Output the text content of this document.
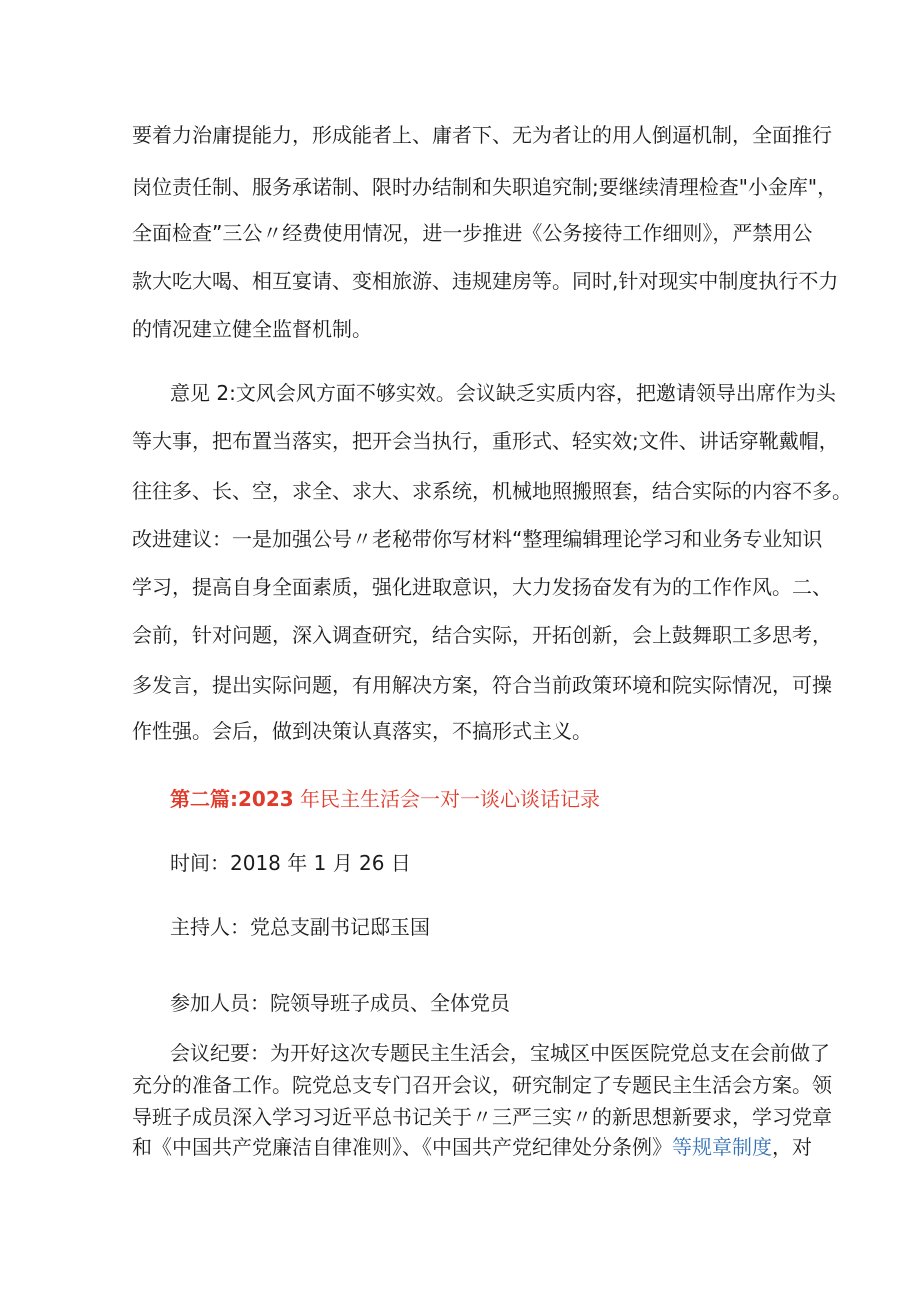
要着力治庸提能力，形成能者上、庸者下、无为者让的用人倒逼机制，全面推行
岗位责任制、服务承诺制、限时办结制和失职追究制;要继续清理检查"小金库"，
全面检查”三公〃经费使用情况，进一步推进《公务接待工作细则》，严禁用公
款大吃大喝、相互宴请、变相旅游、违规建房等。同时,针对现实中制度执行不力
的情况建立健全监督机制。
意见 2:文风会风方面不够实效。会议缺乏实质内容，把邀请领导出席作为头
等大事，把布置当落实，把开会当执行，重形式、轻实效;文件、讲话穿靴戴帽，
往往多、长、空，求全、求大、求系统，机械地照搬照套，结合实际的内容不多。
改进建议：一是加强公号〃老秘带你写材料“整理编辑理论学习和业务专业知识
学习，提高自身全面素质，强化进取意识，大力发扬奋发有为的工作作风。二、
会前，针对问题，深入调查研究，结合实际，开拓创新，会上鼓舞职工多思考，
多发言，提出实际问题，有用解决方案，符合当前政策环境和院实际情况，可操
作性强。会后，做到决策认真落实，不搞形式主义。
第二篇:2023 年民主生活会一对一谈心谈话记录
时间：2018 年 1 月 26 日
主持人：党总支副书记邸玉国
参加人员：院领导班子成员、全体党员
会议纪要：为开好这次专题民主生活会，宝城区中医医院党总支在会前做了
充分的准备工作。院党总支专门召开会议，研究制定了专题民主生活会方案。领
导班子成员深入学习习近平总书记关于〃三严三实〃的新思想新要求，学习党章
和《中国共产党廉洁自律准则》、《中国共产党纪律处分条例》等规章制度，对
